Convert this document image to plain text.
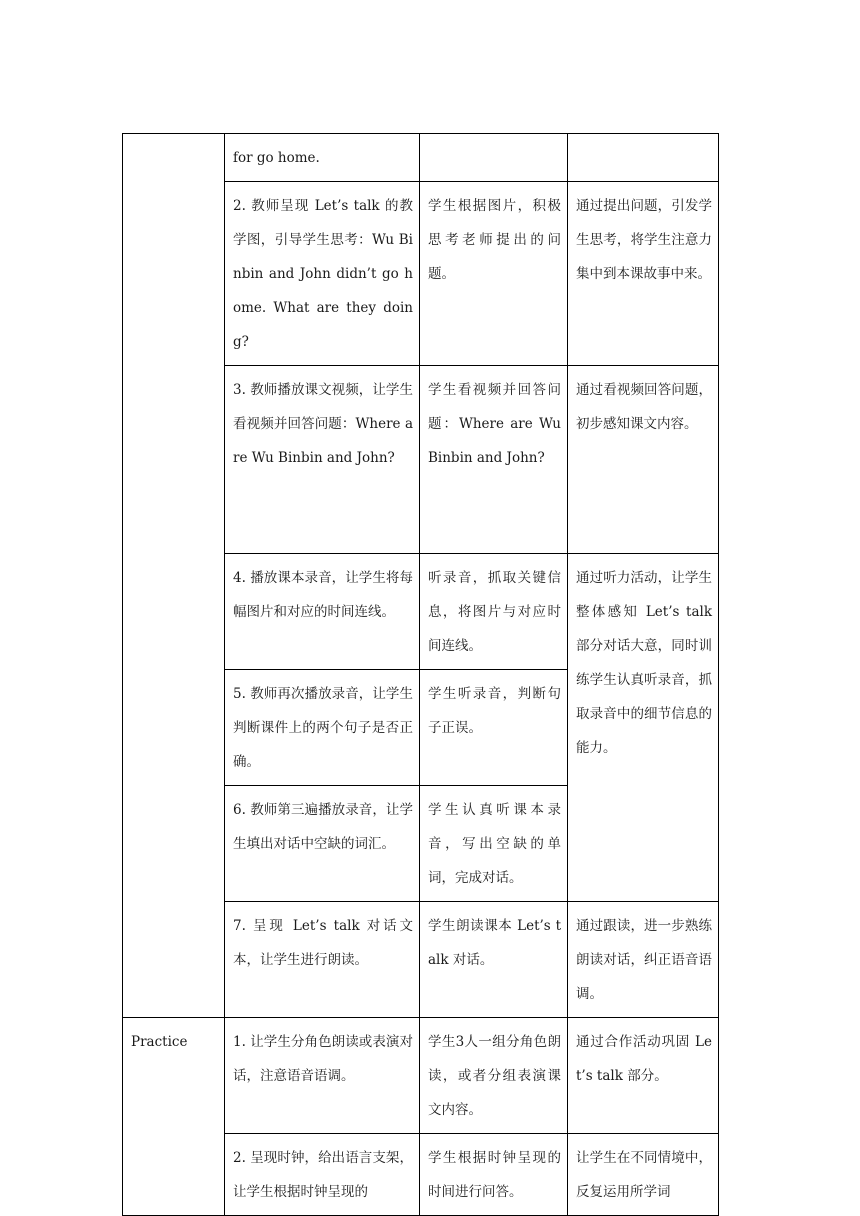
	for go home.		
	2. 教师呈现 Let’s talk 的教学图，引导学生思考：Wu Binbin and John didn’t go home. What are they doing?	学生根据图片，积极思考老师提出的问题。	通过提出问题，引发学生思考，将学生注意力集中到本课故事中来。
	3. 教师播放课文视频，让学生看视频并回答问题：Where are Wu Binbin and John?	学生看视频并回答问题：Where are Wu Binbin and John?	通过看视频回答问题，初步感知课文内容。
	4. 播放课本录音，让学生将每幅图片和对应的时间连线。	听录音，抓取关键信息，将图片与对应时间连线。	通过听力活动，让学生整体感知 Let’s talk 部分对话大意，同时训练学生认真听录音，抓取录音中的细节信息的能力。
	5. 教师再次播放录音，让学生判断课件上的两个句子是否正确。	学生听录音，判断句子正误。	
	6. 教师第三遍播放录音，让学生填出对话中空缺的词汇。	学生认真听课本录音，写出空缺的单词，完成对话。	
	7. 呈现 Let’s talk 对话文本，让学生进行朗读。	学生朗读课本 Let’s talk 对话。	通过跟读，进一步熟练朗读对话，纠正语音语调。
Practice	1. 让学生分角色朗读或表演对话，注意语音语调。	学生3人一组分角色朗读，或者分组表演课文内容。	通过合作活动巩固 Let’s talk 部分。
	2. 呈现时钟，给出语言支架，让学生根据时钟呈现的	学生根据时钟呈现的时间进行问答。	让学生在不同情境中，反复运用所学词
